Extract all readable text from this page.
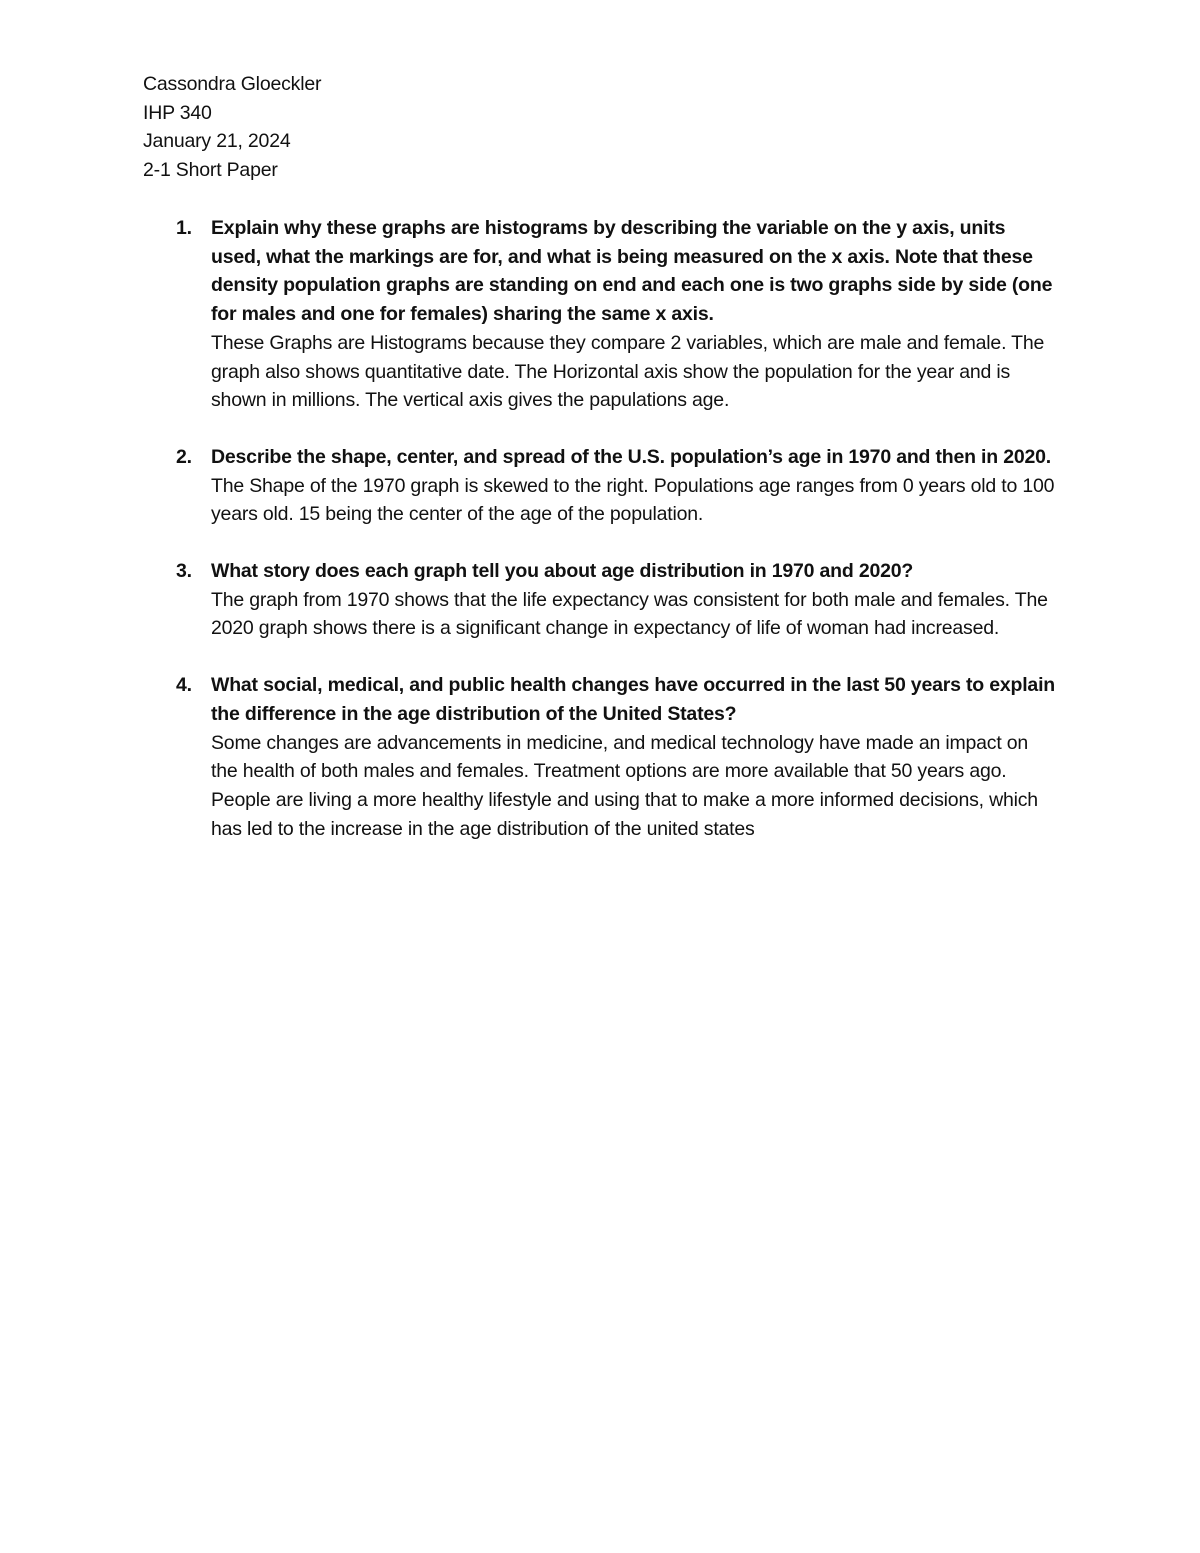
Cassondra Gloeckler
IHP 340
January 21, 2024
2-1 Short Paper
1. Explain why these graphs are histograms by describing the variable on the y axis, units used, what the markings are for, and what is being measured on the x axis. Note that these density population graphs are standing on end and each one is two graphs side by side (one for males and one for females) sharing the same x axis.
These Graphs are Histograms because they compare 2 variables, which are male and female. The graph also shows quantitative date. The Horizontal axis show the population for the year and is shown in millions. The vertical axis gives the papulations age.
2. Describe the shape, center, and spread of the U.S. population’s age in 1970 and then in 2020.
The Shape of the 1970 graph is skewed to the right. Populations age ranges from 0 years old to 100 years old. 15 being the center of the age of the population.
3. What story does each graph tell you about age distribution in 1970 and 2020?
The graph from 1970 shows that the life expectancy was consistent for both male and females. The 2020 graph shows there is a significant change in expectancy of life of woman had increased.
4. What social, medical, and public health changes have occurred in the last 50 years to explain the difference in the age distribution of the United States?
Some changes are advancements in medicine, and medical technology have made an impact on the health of both males and females. Treatment options are more available that 50 years ago. People are living a more healthy lifestyle and using that to make a more informed decisions, which has led to the increase in the age distribution of the united states
